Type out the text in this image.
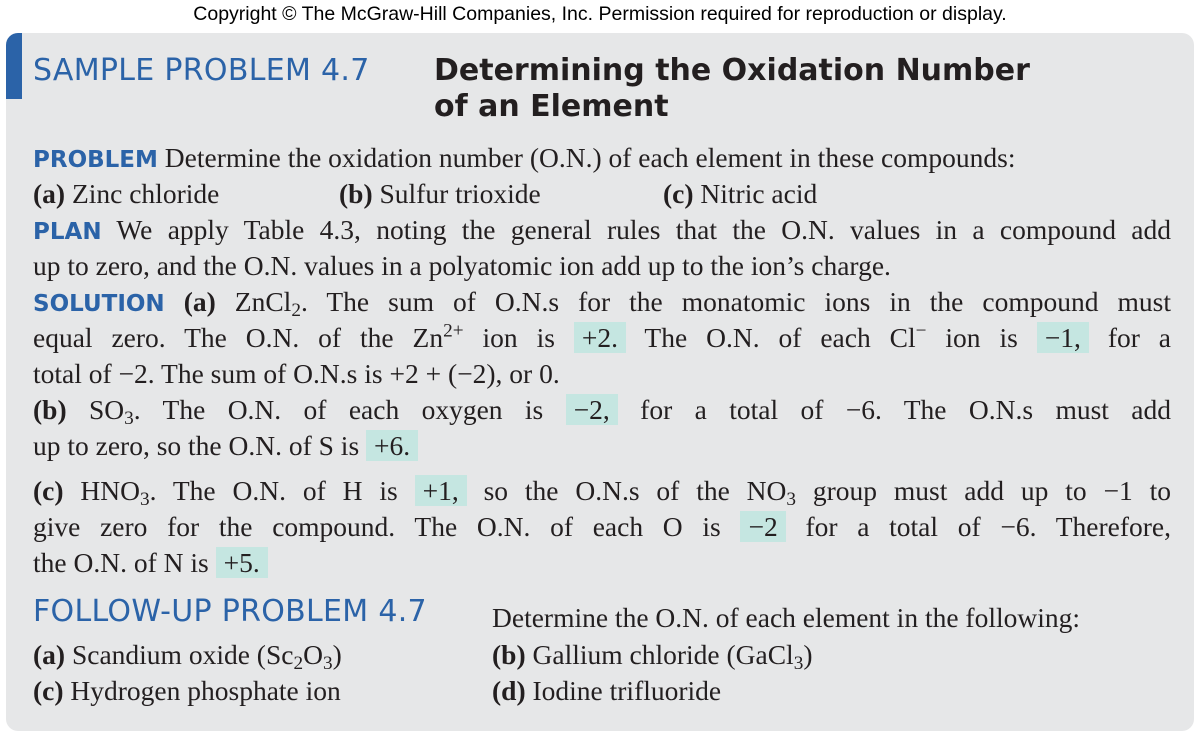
Copyright © The McGraw-Hill Companies, Inc. Permission required for reproduction or display.
SAMPLE PROBLEM 4.7 Determining the Oxidation Number
of an Element
PROBLEM Determine the oxidation number (O.N.) of each element in these compounds:
(a) Zinc chloride	(b) Sulfur trioxide	(c) Nitric acid
PLAN We apply Table 4.3, noting the general rules that the O.N. values in a compound add
up to zero, and the O.N. values in a polyatomic ion add up to the ion’s charge.
SOLUTION (a) ZnCl$_2$. The sum of O.N.s for the monatomic ions in the compound must
equal zero. The O.N. of the $Zn^{2+}$ ion is +2. The O.N. of each Cl− ion is −1, for a
total of −2. The sum of O.N.s is +2 + (−2), or 0.
(b) $SO_3$. The O.N. of each oxygen is −2, for a total of −6. The O.N.s must add
up to zero, so the O.N. of S is +6.
(c) $HNO_3$. The O.N. of H is +1, so the O.N.s of the $NO_3$ group must add up to −1 to
give zero for the compound. The O.N. of each O is −2 for a total of −6. Therefore,
the O.N. of N is +5.
FOLLOW-UP PROBLEM 4.7 Determine the O.N. of each element in the following:
(a) Scandium oxide $(Sc_2O_3)$	(b) Gallium chloride (GaCl$_3$)
(c) Hydrogen phosphate ion	(d) Iodine trifluoride
